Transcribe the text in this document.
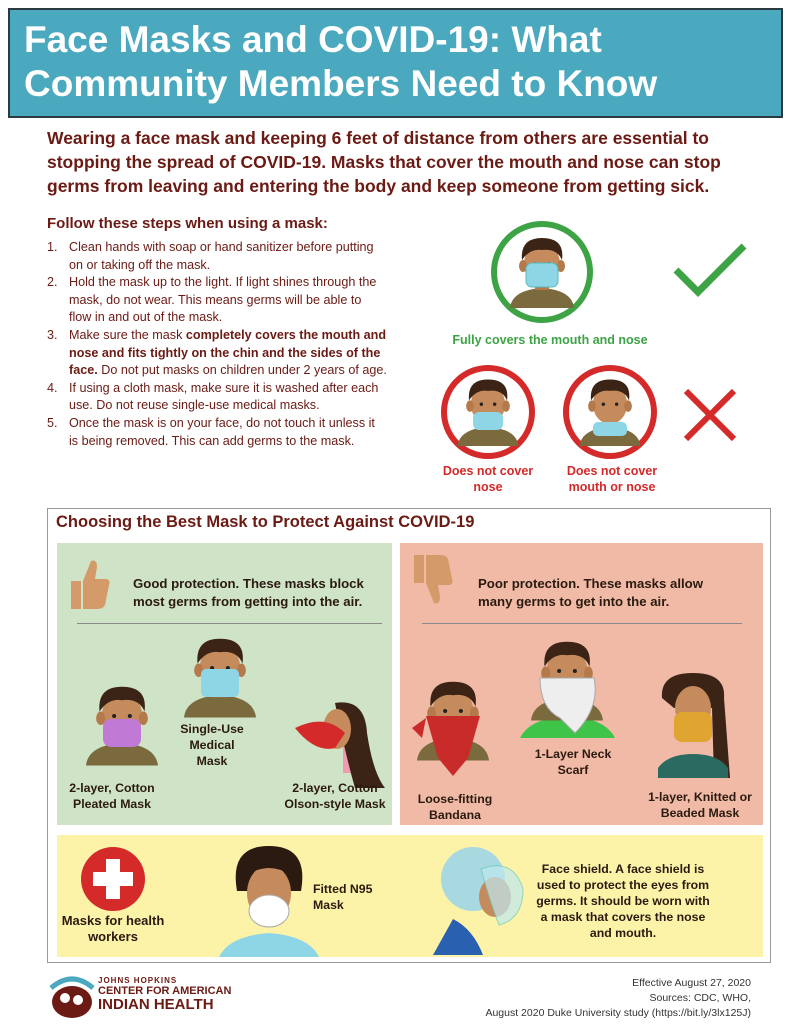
Face Masks and COVID-19: What
Community Members Need to Know

Wearing a face mask and keeping 6 feet of distance from others are essential to stopping the spread of COVID-19. Masks that cover the mouth and nose can stop germs from leaving and entering the body and keep someone from getting sick.

Follow these steps when using a mask:
1. Clean hands with soap or hand sanitizer before putting on or taking off the mask.
2. Hold the mask up to the light. If light shines through the mask, do not wear. This means germs will be able to flow in and out of the mask.
3. Make sure the mask completely covers the mouth and nose and fits tightly on the chin and the sides of the face. Do not put masks on children under 2 years of age.
4. If using a cloth mask, make sure it is washed after each use. Do not reuse single-use medical masks.
5. Once the mask is on your face, do not touch it unless it is being removed. This can add germs to the mask.
Fully covers the mouth and nose
Does not cover nose
Does not cover mouth or nose
Choosing the Best Mask to Protect Against COVID-19
Good protection. These masks block most germs from getting into the air.
2-layer, Cotton Pleated Mask
Single-Use Medical Mask
2-layer, Cotton Olson-style Mask
Poor protection. These masks allow many germs to get into the air.
Loose-fitting Bandana
1-Layer Neck Scarf
1-layer, Knitted or Beaded Mask
Masks for health workers
Fitted N95 Mask
Face shield. A face shield is used to protect the eyes from germs. It should be worn with a mask that covers the nose and mouth.
JOHNS HOPKINS
CENTER FOR AMERICAN
INDIAN HEALTH
Effective August 27, 2020
Sources: CDC, WHO,
August 2020 Duke University study (https://bit.ly/3lx125J)
